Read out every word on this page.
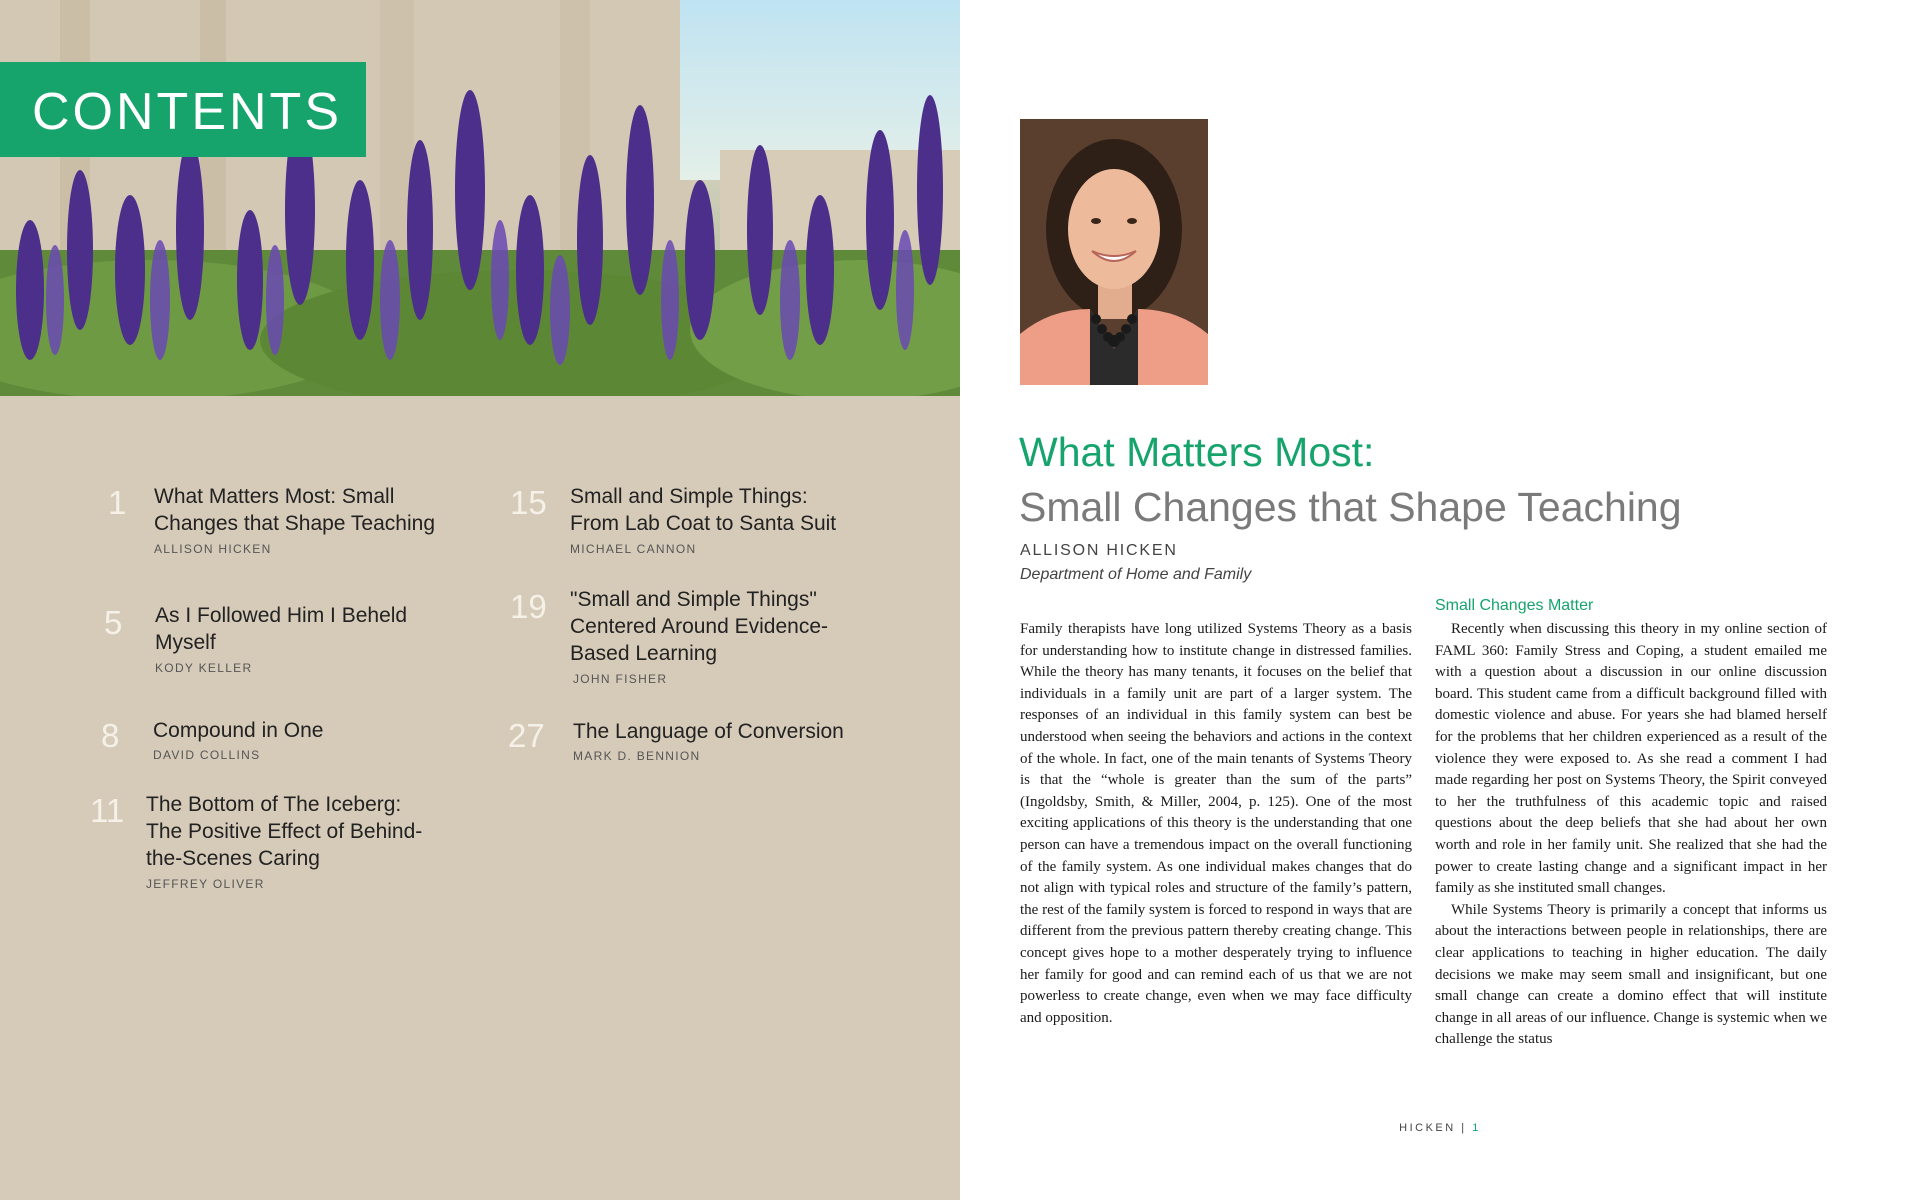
CONTENTS
1 What Matters Most: Small Changes that Shape Teaching
ALLISON HICKEN
5 As I Followed Him I Beheld Myself
KODY KELLER
8 Compound in One
DAVID COLLINS
11 The Bottom of The Iceberg: The Positive Effect of Behind-the-Scenes Caring
JEFFREY OLIVER
15 Small and Simple Things: From Lab Coat to Santa Suit
MICHAEL CANNON
19 "Small and Simple Things" Centered Around Evidence-Based Learning
JOHN FISHER
27 The Language of Conversion
MARK D. BENNION
What Matters Most:
Small Changes that Shape Teaching
ALLISON HICKEN
Department of Home and Family

Family therapists have long utilized Systems Theory as a basis for understanding how to institute change in distressed families. While the theory has many tenants, it focuses on the belief that individuals in a family unit are part of a larger system. The responses of an individual in this family system can best be understood when seeing the behaviors and actions in the context of the whole. In fact, one of the main tenants of Systems Theory is that the “whole is greater than the sum of the parts” (Ingoldsby, Smith, & Miller, 2004, p. 125). One of the most exciting applications of this theory is the understanding that one person can have a tremendous impact on the overall functioning of the family system. As one individual makes changes that do not align with typical roles and structure of the family’s pattern, the rest of the family system is forced to respond in ways that are different from the previous pattern thereby creating change. This concept gives hope to a mother desperately trying to influence her family for good and can remind each of us that we are not powerless to create change, even when we may face difficulty and opposition.

Small Changes Matter

Recently when discussing this theory in my online section of FAML 360: Family Stress and Coping, a student emailed me with a question about a discussion in our online discussion board. This student came from a difficult background filled with domestic violence and abuse. For years she had blamed herself for the problems that her children experienced as a result of the violence they were exposed to. As she read a comment I had made regarding her post on Systems Theory, the Spirit conveyed to her the truthfulness of this academic topic and raised questions about the deep beliefs that she had about her own worth and role in her family unit. She realized that she had the power to create lasting change and a significant impact in her family as she instituted small changes.

While Systems Theory is primarily a concept that informs us about the interactions between people in relationships, there are clear applications to teaching in higher education. The daily decisions we make may seem small and insignificant, but one small change can create a domino effect that will institute change in all areas of our influence. Change is systemic when we challenge the status

HICKEN | 1
